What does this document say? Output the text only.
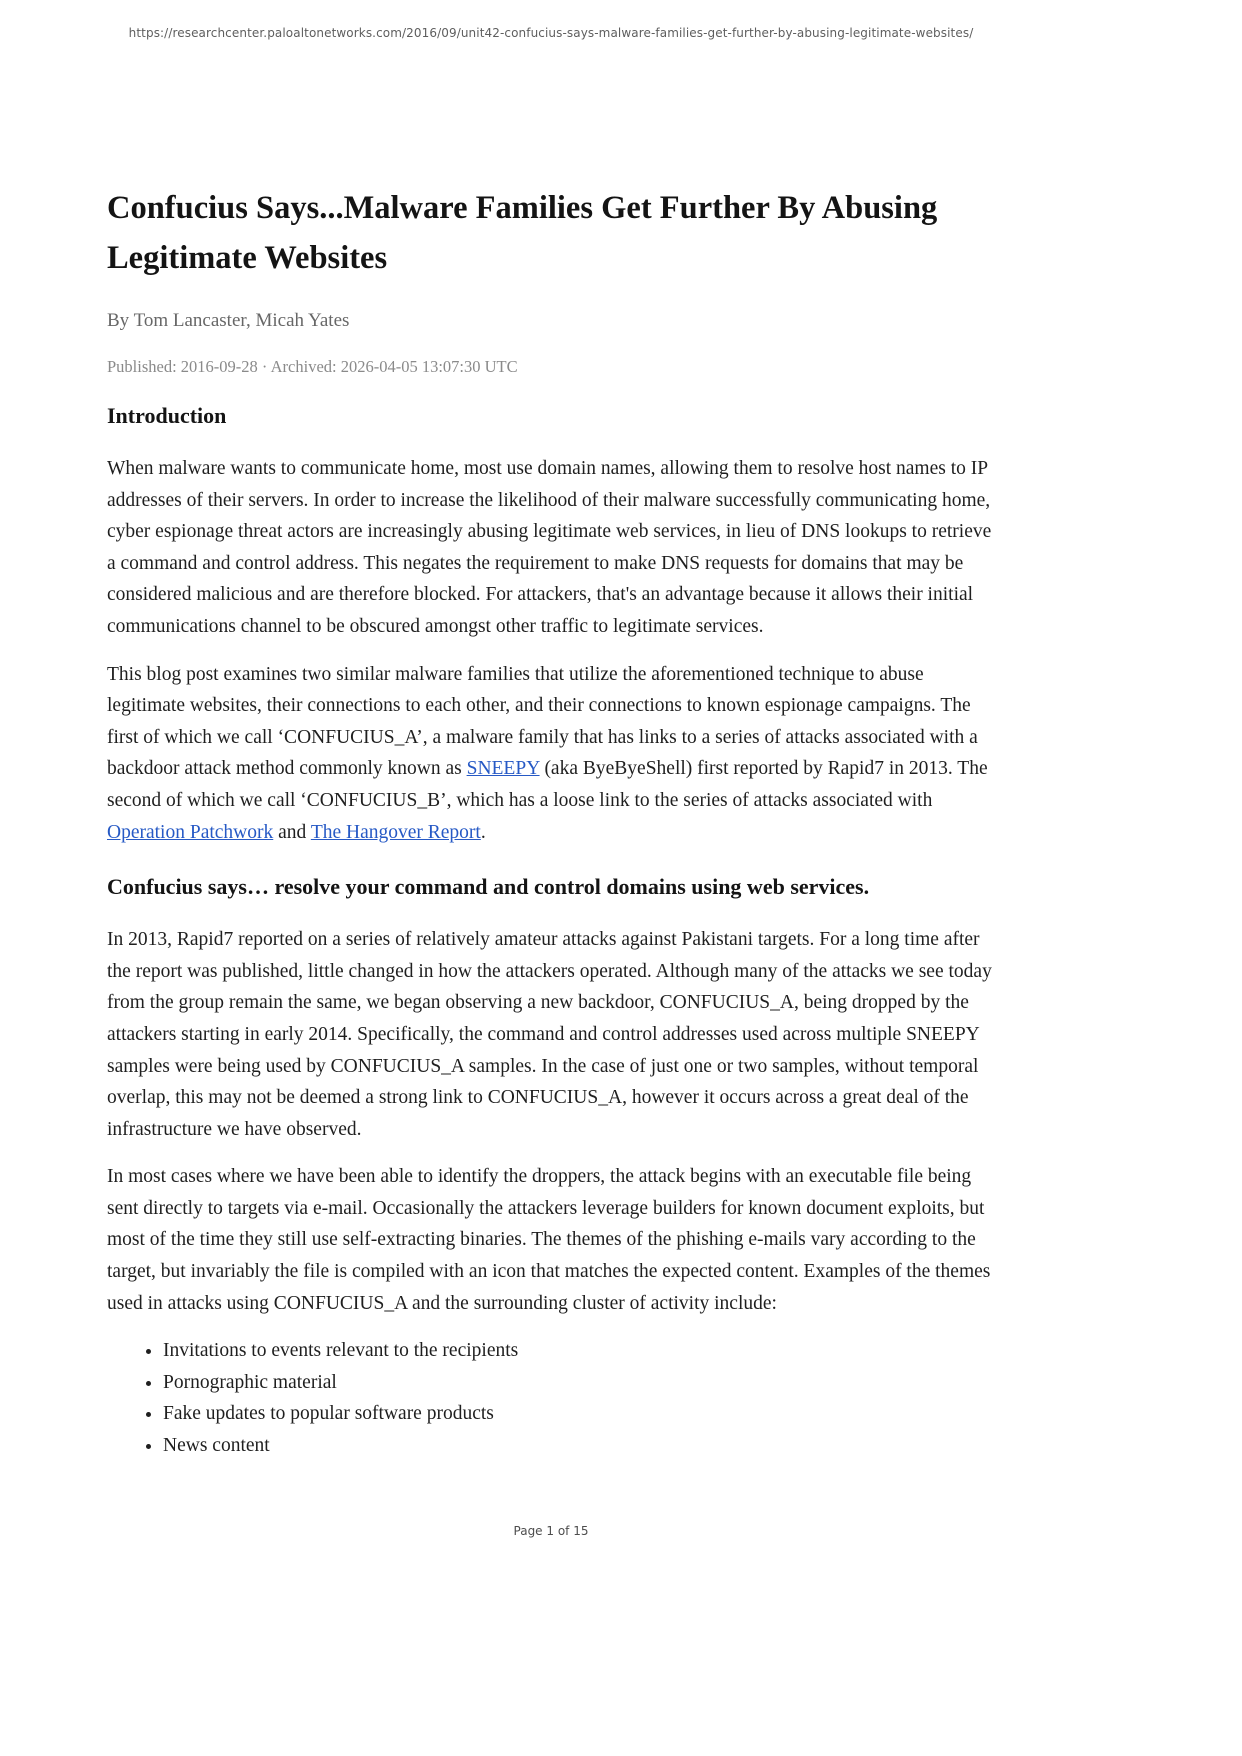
https://researchcenter.paloaltonetworks.com/2016/09/unit42-confucius-says-malware-families-get-further-by-abusing-legitimate-websites/
Confucius Says...Malware Families Get Further By Abusing Legitimate Websites

By Tom Lancaster, Micah Yates

Published: 2016-09-28 · Archived: 2026-04-05 13:07:30 UTC

Introduction

When malware wants to communicate home, most use domain names, allowing them to resolve host names to IP addresses of their servers. In order to increase the likelihood of their malware successfully communicating home, cyber espionage threat actors are increasingly abusing legitimate web services, in lieu of DNS lookups to retrieve a command and control address. This negates the requirement to make DNS requests for domains that may be considered malicious and are therefore blocked. For attackers, that's an advantage because it allows their initial communications channel to be obscured amongst other traffic to legitimate services.

This blog post examines two similar malware families that utilize the aforementioned technique to abuse legitimate websites, their connections to each other, and their connections to known espionage campaigns. The first of which we call ‘CONFUCIUS_A’, a malware family that has links to a series of attacks associated with a backdoor attack method commonly known as SNEEPY (aka ByeByeShell) first reported by Rapid7 in 2013. The second of which we call ‘CONFUCIUS_B’, which has a loose link to the series of attacks associated with Operation Patchwork and The Hangover Report.

Confucius says… resolve your command and control domains using web services.

In 2013, Rapid7 reported on a series of relatively amateur attacks against Pakistani targets. For a long time after the report was published, little changed in how the attackers operated. Although many of the attacks we see today from the group remain the same, we began observing a new backdoor, CONFUCIUS_A, being dropped by the attackers starting in early 2014. Specifically, the command and control addresses used across multiple SNEEPY samples were being used by CONFUCIUS_A samples. In the case of just one or two samples, without temporal overlap, this may not be deemed a strong link to CONFUCIUS_A, however it occurs across a great deal of the infrastructure we have observed.

In most cases where we have been able to identify the droppers, the attack begins with an executable file being sent directly to targets via e-mail. Occasionally the attackers leverage builders for known document exploits, but most of the time they still use self-extracting binaries. The themes of the phishing e-mails vary according to the target, but invariably the file is compiled with an icon that matches the expected content. Examples of the themes used in attacks using CONFUCIUS_A and the surrounding cluster of activity include:

• Invitations to events relevant to the recipients
• Pornographic material
• Fake updates to popular software products
• News content
Page 1 of 15
